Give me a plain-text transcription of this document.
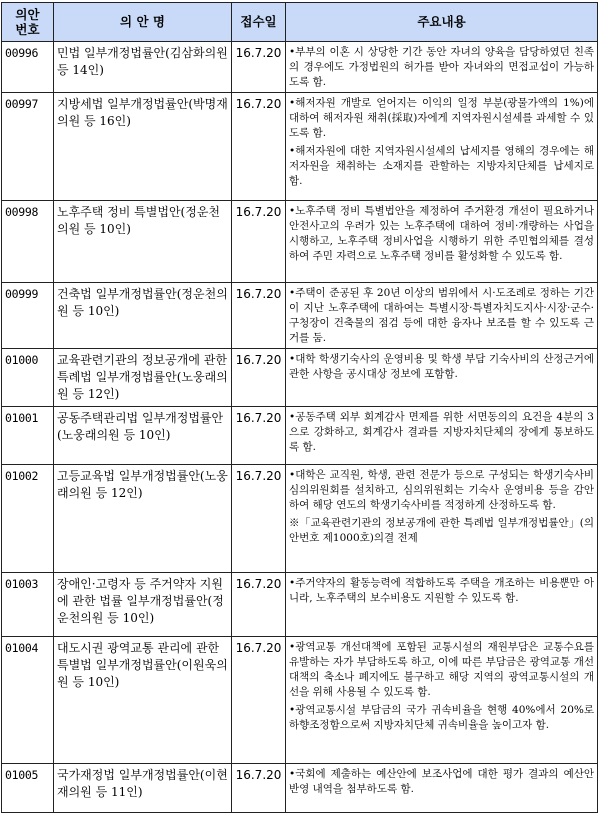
의안
번호	의 안 명	접수일	주요내용
00996	민법 일부개정법률안(김삼화의원 등 14인)	16.7.20	•부부의 이혼 시 상당한 기간 동안 자녀의 양육을 담당하였던 친족의 경우에도 가정법원의 허가를 받아 자녀와의 면접교섭이 가능하도록 함.

00997	지방세법 일부개정법률안(박명재의원 등 16인)	16.7.20	•해저자원 개발로 얻어지는 이익의 일정 부분(광물가액의 1%)에 대하여 해저자원 채취(採取)자에게 지역자원시설세를 과세할 수 있도록 함.
•해저자원에 대한 지역자원시설세의 납세지를 영해의 경우에는 해저자원을 채취하는 소재지를 관할하는 지방자치단체를 납세지로 함.

00998	노후주택 정비 특별법안(정운천의원 등 10인)	16.7.20	•노후주택 정비 특별법안을 제정하여 주거환경 개선이 필요하거나 안전사고의 우려가 있는 노후주택에 대하여 정비·개량하는 사업을 시행하고, 노후주택 정비사업을 시행하기 위한 주민협의체를 결성하여 주민 자력으로 노후주택 정비를 활성화할 수 있도록 함.

00999	건축법 일부개정법률안(정운천의원 등 10인)	16.7.20	•주택이 준공된 후 20년 이상의 범위에서 시·도조례로 정하는 기간이 지난 노후주택에 대하여는 특별시장·특별자치도지사·시장·군수·구청장이 건축물의 점검 등에 대한 융자나 보조를 할 수 있도록 근거를 둠.

01000	교육관련기관의 정보공개에 관한 특례법 일부개정법률안(노웅래의원 등 12인)	16.7.20	•대학 학생기숙사의 운영비용 및 학생 부담 기숙사비의 산정근거에 관한 사항을 공시대상 정보에 포함함.

01001	공동주택관리법 일부개정법률안(노웅래의원 등 10인)	16.7.20	•공동주택 외부 회계감사 면제를 위한 서면동의의 요건을 4분의 3으로 강화하고, 회계감사 결과를 지방자치단체의 장에게 통보하도록 함.

01002	고등교육법 일부개정법률안(노웅래의원 등 12인)	16.7.20	•대학은 교직원, 학생, 관련 전문가 등으로 구성되는 학생기숙사비심의위원회를 설치하고, 심의위원회는 기숙사 운영비용 등을 감안하여 해당 연도의 학생기숙사비를 적정하게 산정하도록 함.
※「교육관련기관의 정보공개에 관한 특례법 일부개정법률안」(의안번호 제1000호)의결 전제

01003	장애인·고령자 등 주거약자 지원에 관한 법률 일부개정법률안(정운천의원 등 10인)	16.7.20	•주거약자의 활동능력에 적합하도록 주택을 개조하는 비용뿐만 아니라, 노후주택의 보수비용도 지원할 수 있도록 함.

01004	대도시권 광역교통 관리에 관한 특별법 일부개정법률안(이원욱의원 등 10인)	16.7.20	•광역교통 개선대책에 포함된 교통시설의 재원부담은 교통수요를 유발하는 자가 부담하도록 하고, 이에 따른 부담금은 광역교통 개선대책의 축소나 폐지에도 불구하고 해당 지역의 광역교통시설의 개선을 위해 사용될 수 있도록 함.
•광역교통시설 부담금의 국가 귀속비율을 현행 40%에서 20%로 하향조정함으로써 지방자치단체 귀속비율을 높이고자 함.

01005	국가재정법 일부개정법률안(이현재의원 등 11인)	16.7.20	•국회에 제출하는 예산안에 보조사업에 대한 평가 결과의 예산안 반영 내역을 첨부하도록 함.
